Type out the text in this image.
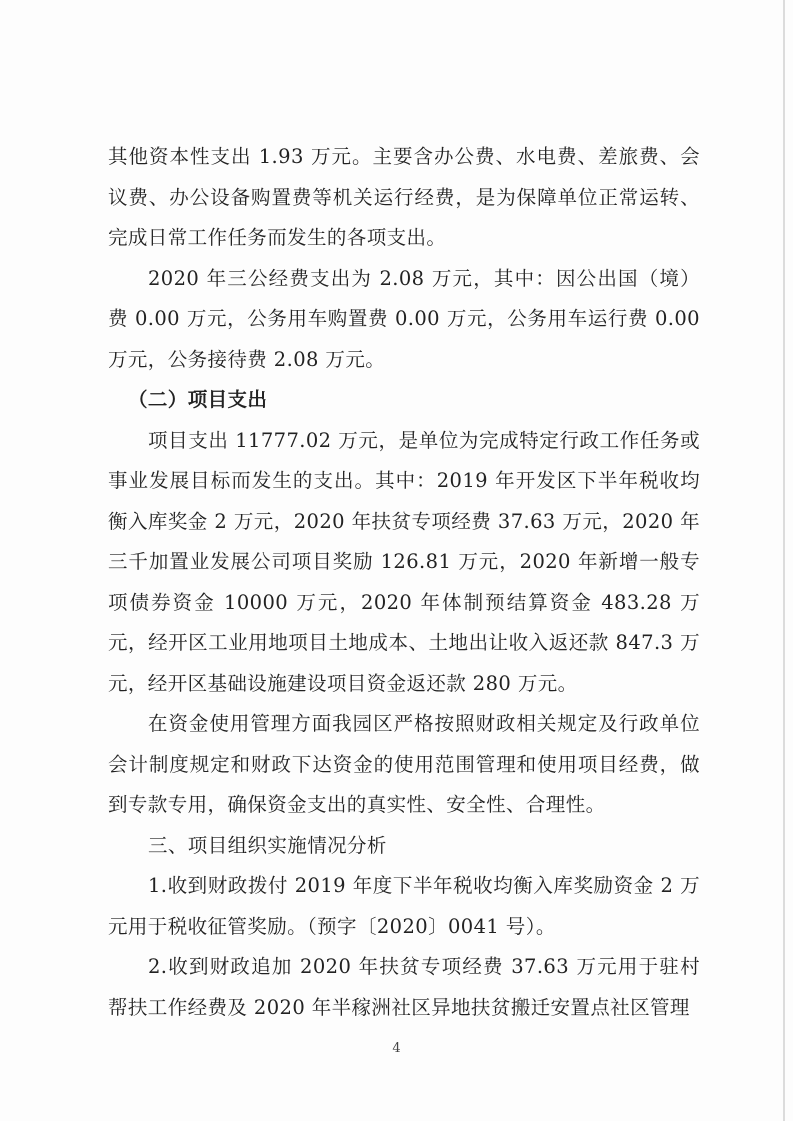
其他资本性支出 1.93 万元。主要含办公费、水电费、差旅费、会议费、办公设备购置费等机关运行经费，是为保障单位正常运转、完成日常工作任务而发生的各项支出。

2020 年三公经费支出为 2.08 万元，其中：因公出国（境）费 0.00 万元，公务用车购置费 0.00 万元，公务用车运行费 0.00 万元，公务接待费 2.08 万元。

（二）项目支出

项目支出 11777.02 万元，是单位为完成特定行政工作任务或事业发展目标而发生的支出。其中：2019 年开发区下半年税收均衡入库奖金 2 万元，2020 年扶贫专项经费 37.63 万元，2020 年三千加置业发展公司项目奖励 126.81 万元，2020 年新增一般专项债券资金 10000 万元，2020 年体制预结算资金 483.28 万元，经开区工业用地项目土地成本、土地出让收入返还款 847.3 万元，经开区基础设施建设项目资金返还款 280 万元。

在资金使用管理方面我园区严格按照财政相关规定及行政单位会计制度规定和财政下达资金的使用范围管理和使用项目经费，做到专款专用，确保资金支出的真实性、安全性、合理性。

三、项目组织实施情况分析

1.收到财政拨付 2019 年度下半年税收均衡入库奖励资金 2 万元用于税收征管奖励。（预字〔2020〕0041 号）。

2.收到财政追加 2020 年扶贫专项经费 37.63 万元用于驻村帮扶工作经费及 2020 年半稼洲社区异地扶贫搬迁安置点社区管理

4
